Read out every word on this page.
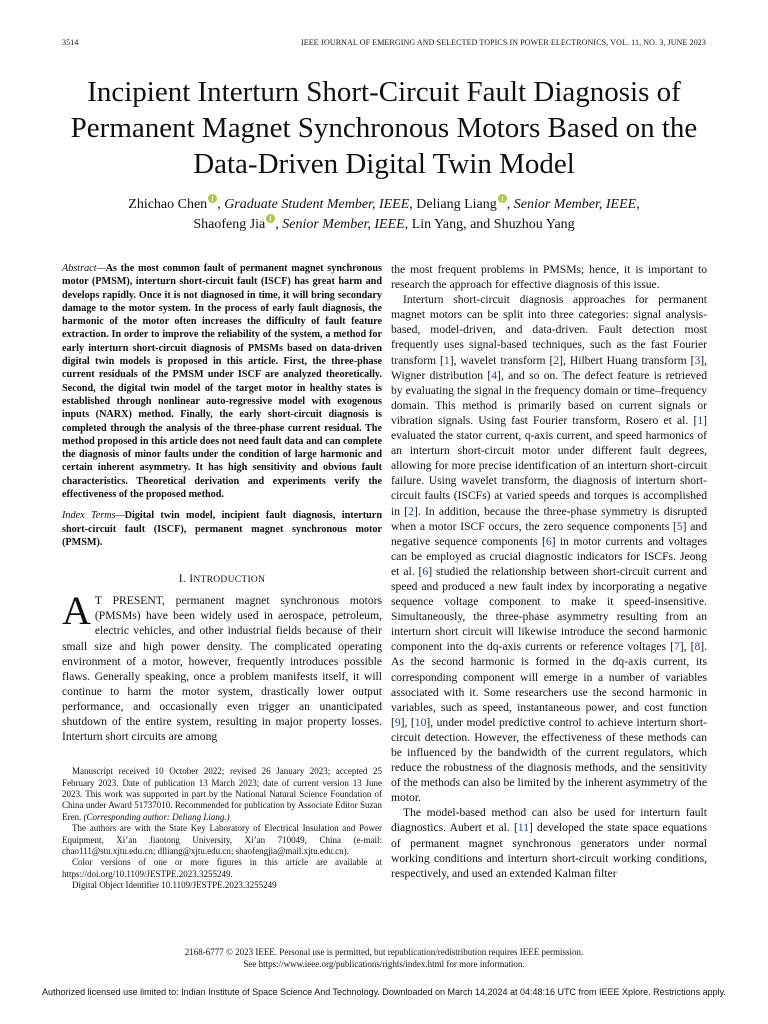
3514	IEEE JOURNAL OF EMERGING AND SELECTED TOPICS IN POWER ELECTRONICS, VOL. 11, NO. 3, JUNE 2023
Incipient Interturn Short-Circuit Fault Diagnosis of Permanent Magnet Synchronous Motors Based on the Data-Driven Digital Twin Model
Zhichao Chen , Graduate Student Member, IEEE, Deliang Liang , Senior Member, IEEE,
Shaofeng Jia , Senior Member, IEEE, Lin Yang, and Shuzhou Yang
Abstract—As the most common fault of permanent magnet synchronous motor (PMSM), interturn short-circuit fault (ISCF) has great harm and develops rapidly. Once it is not diagnosed in time, it will bring secondary damage to the motor system. In the process of early fault diagnosis, the harmonic of the motor often increases the difficulty of fault feature extraction. In order to improve the reliability of the system, a method for early interturn short-circuit diagnosis of PMSMs based on data-driven digital twin models is proposed in this article. First, the three-phase current residuals of the PMSM under ISCF are analyzed theoretically. Second, the digital twin model of the target motor in healthy states is established through nonlinear auto-regressive model with exogenous inputs (NARX) method. Finally, the early short-circuit diagnosis is completed through the analysis of the three-phase current residual. The method proposed in this article does not need fault data and can complete the diagnosis of minor faults under the condition of large harmonic and certain inherent asymmetry. It has high sensitivity and obvious fault characteristics. Theoretical derivation and experiments verify the effectiveness of the proposed method.
Index Terms—Digital twin model, incipient fault diagnosis, interturn short-circuit fault (ISCF), permanent magnet synchronous motor (PMSM).
I. INTRODUCTION

A T PRESENT, permanent magnet synchronous motors (PMSMs) have been widely used in aerospace, petroleum, electric vehicles, and other industrial fields because of their small size and high power density. The complicated operating environment of a motor, however, frequently introduces possible flaws. Generally speaking, once a problem manifests itself, it will continue to harm the motor system, drastically lower output performance, and occasionally even trigger an unanticipated shutdown of the entire system, resulting in major property losses. Interturn short circuits are among

Manuscript received 10 October 2022; revised 26 January 2023; accepted 25 February 2023. Date of publication 13 March 2023; date of current version 13 June 2023. This work was supported in part by the National Natural Science Foundation of China under Award 51737010. Recommended for publication by Associate Editor Suzan Eren. (Corresponding author: Deliang Liang.)

The authors are with the State Key Laboratory of Electrical Insulation and Power Equipment, Xi’an Jiaotong University, Xi’an 710049, China (e-mail: chao111@stu.xjtu.edu.cn; dlliang@xjtu.edu.cn; shaofengjia@mail.xjtu.edu.cn).

Color versions of one or more figures in this article are available at https://doi.org/10.1109/JESTPE.2023.3255249.

Digital Object Identifier 10.1109/JESTPE.2023.3255249

the most frequent problems in PMSMs; hence, it is important to research the approach for effective diagnosis of this issue.

Interturn short-circuit diagnosis approaches for permanent magnet motors can be split into three categories: signal analysis-based, model-driven, and data-driven. Fault detection most frequently uses signal-based techniques, such as the fast Fourier transform [1], wavelet transform [2], Hilbert Huang transform [3], Wigner distribution [4], and so on. The defect feature is retrieved by evaluating the signal in the frequency domain or time–frequency domain. This method is primarily based on current signals or vibration signals. Using fast Fourier transform, Rosero et al. [1] evaluated the stator current, q-axis current, and speed harmonics of an interturn short-circuit motor under different fault degrees, allowing for more precise identification of an interturn short-circuit failure. Using wavelet transform, the diagnosis of interturn short-circuit faults (ISCFs) at varied speeds and torques is accomplished in [2]. In addition, because the three-phase symmetry is disrupted when a motor ISCF occurs, the zero sequence components [5] and negative sequence components [6] in motor currents and voltages can be employed as crucial diagnostic indicators for ISCFs. Jeong et al. [6] studied the relationship between short-circuit current and speed and produced a new fault index by incorporating a negative sequence voltage component to make it speed-insensitive. Simultaneously, the three-phase asymmetry resulting from an interturn short circuit will likewise introduce the second harmonic component into the dq-axis currents or reference voltages [7], [8]. As the second harmonic is formed in the dq-axis current, its corresponding component will emerge in a number of variables associated with it. Some researchers use the second harmonic in variables, such as speed, instantaneous power, and cost function [9], [10], under model predictive control to achieve interturn short-circuit detection. However, the effectiveness of these methods can be influenced by the bandwidth of the current regulators, which reduce the robustness of the diagnosis methods, and the sensitivity of the methods can also be limited by the inherent asymmetry of the motor.

The model-based method can also be used for interturn fault diagnostics. Aubert et al. [11] developed the state space equations of permanent magnet synchronous generators under normal working conditions and interturn short-circuit working conditions, respectively, and used an extended Kalman filter

2168-6777 © 2023 IEEE. Personal use is permitted, but republication/redistribution requires IEEE permission.
See https://www.ieee.org/publications/rights/index.html for more information.
Authorized licensed use limited to: Indian Institute of Space Science And Technology. Downloaded on March 14,2024 at 04:48:16 UTC from IEEE Xplore. Restrictions apply.
